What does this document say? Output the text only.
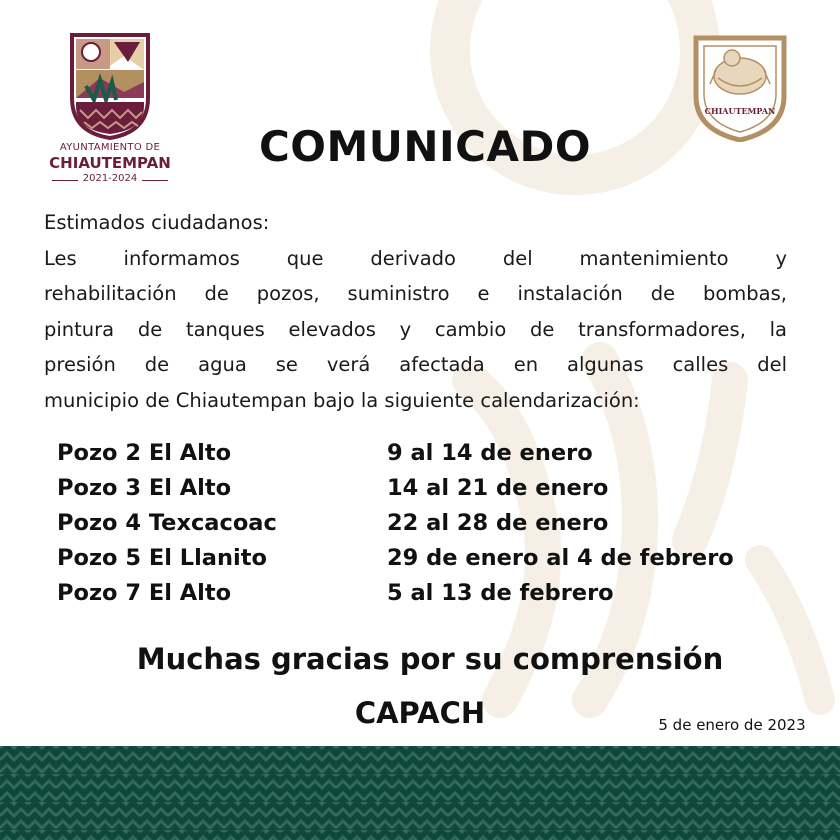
AYUNTAMIENTO DE
CHIAUTEMPAN
2021-2024
CHIAUTEMPAN
COMUNICADO
Estimados ciudadanos:
Les informamos que derivado del mantenimiento y
rehabilitación de pozos, suministro e instalación de bombas,
pintura de tanques elevados y cambio de transformadores, la
presión de agua se verá afectada en algunas calles del
municipio de Chiautempan bajo la siguiente calendarización:
Pozo 2 El Alto	9 al 14 de enero
Pozo 3 El Alto	14 al 21 de enero
Pozo 4 Texcacoac	22 al 28 de enero
Pozo 5 El Llanito	29 de enero al 4 de febrero
Pozo 7 El Alto	5 al 13 de febrero
Muchas gracias por su comprensión
CAPACH	5 de enero de 2023
